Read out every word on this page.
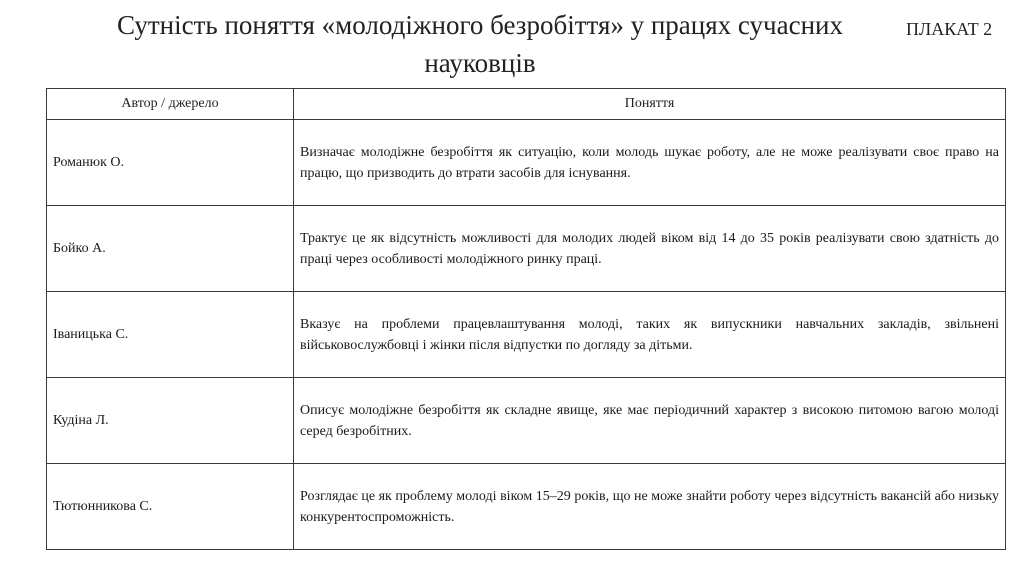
Сутність поняття «молодіжного безробіття» у працях сучасних
науковців
ПЛАКАТ 2
Автор / джерело	Поняття
Романюк О.	Визначає молодіжне безробіття як ситуацію, коли молодь шукає роботу, але не може реалізувати своє право на працю, що призводить до втрати засобів для існування.
Бойко А.	Трактує це як відсутність можливості для молодих людей віком від 14 до 35 років реалізувати свою здатність до праці через особливості молодіжного ринку праці.
Іваницька С.	Вказує на проблеми працевлаштування молоді, таких як випускники навчальних закладів, звільнені військовослужбовці і жінки після відпустки по догляду за дітьми.
Кудіна Л.	Описує молодіжне безробіття як складне явище, яке має періодичний характер з високою питомою вагою молоді серед безробітних.
Тютюнникова С.	Розглядає це як проблему молоді віком 15–29 років, що не може знайти роботу через відсутність вакансій або низьку конкурентоспроможність.
